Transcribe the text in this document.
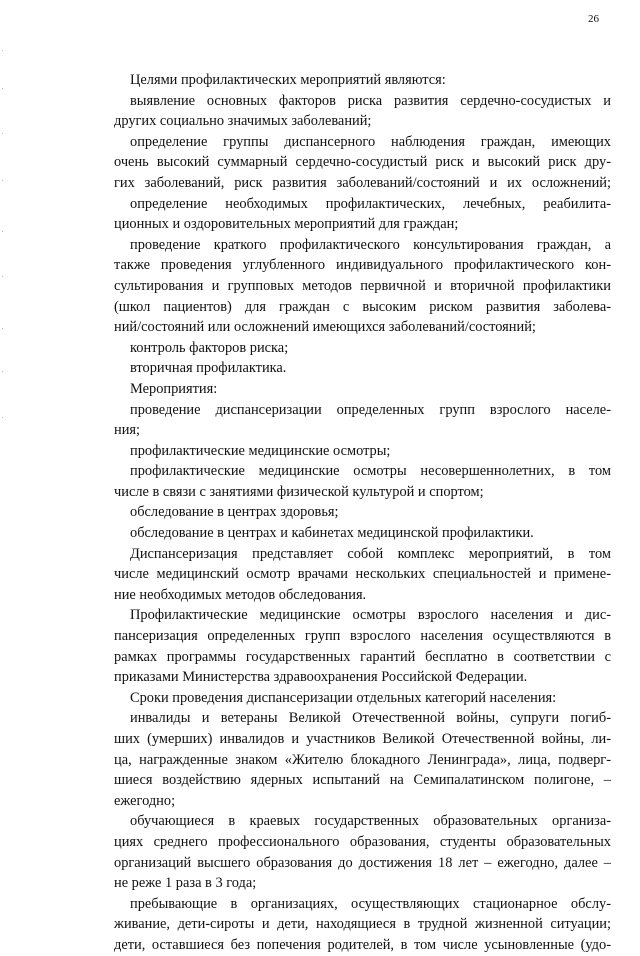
26
Целями профилактических мероприятий являются:
выявление основных факторов риска развития сердечно-сосудистых и
других социально значимых заболеваний;
определение группы диспансерного наблюдения граждан, имеющих
очень высокий суммарный сердечно-сосудистый риск и высокий риск дру-
гих заболеваний, риск развития заболеваний/состояний и их осложнений;
определение необходимых профилактических, лечебных, реабилита-
ционных и оздоровительных мероприятий для граждан;
проведение краткого профилактического консультирования граждан, а
также проведения углубленного индивидуального профилактического кон-
сультирования и групповых методов первичной и вторичной профилактики
(школ пациентов) для граждан с высоким риском развития заболева-
ний/состояний или осложнений имеющихся заболеваний/состояний;
контроль факторов риска;
вторичная профилактика.
Мероприятия:
проведение диспансеризации определенных групп взрослого населе-
ния;
профилактические медицинские осмотры;
профилактические медицинские осмотры несовершеннолетних, в том
числе в связи с занятиями физической культурой и спортом;
обследование в центрах здоровья;
обследование в центрах и кабинетах медицинской профилактики.
Диспансеризация представляет собой комплекс мероприятий, в том
числе медицинский осмотр врачами нескольких специальностей и примене-
ние необходимых методов обследования.
Профилактические медицинские осмотры взрослого населения и дис-
пансеризация определенных групп взрослого населения осуществляются в
рамках программы государственных гарантий бесплатно в соответствии с
приказами Министерства здравоохранения Российской Федерации.
Сроки проведения диспансеризации отдельных категорий населения:
инвалиды и ветераны Великой Отечественной войны, супруги погиб-
ших (умерших) инвалидов и участников Великой Отечественной войны, ли-
ца, награжденные знаком «Жителю блокадного Ленинграда», лица, подверг-
шиеся воздействию ядерных испытаний на Семипалатинском полигоне, –
ежегодно;
обучающиеся в краевых государственных образовательных организа-
циях среднего профессионального образования, студенты образовательных
организаций высшего образования до достижения 18 лет – ежегодно, далее –
не реже 1 раза в 3 года;
пребывающие в организациях, осуществляющих стационарное обслу-
живание, дети-сироты и дети, находящиеся в трудной жизненной ситуации;
дети, оставшиеся без попечения родителей, в том числе усыновленные (удо-
